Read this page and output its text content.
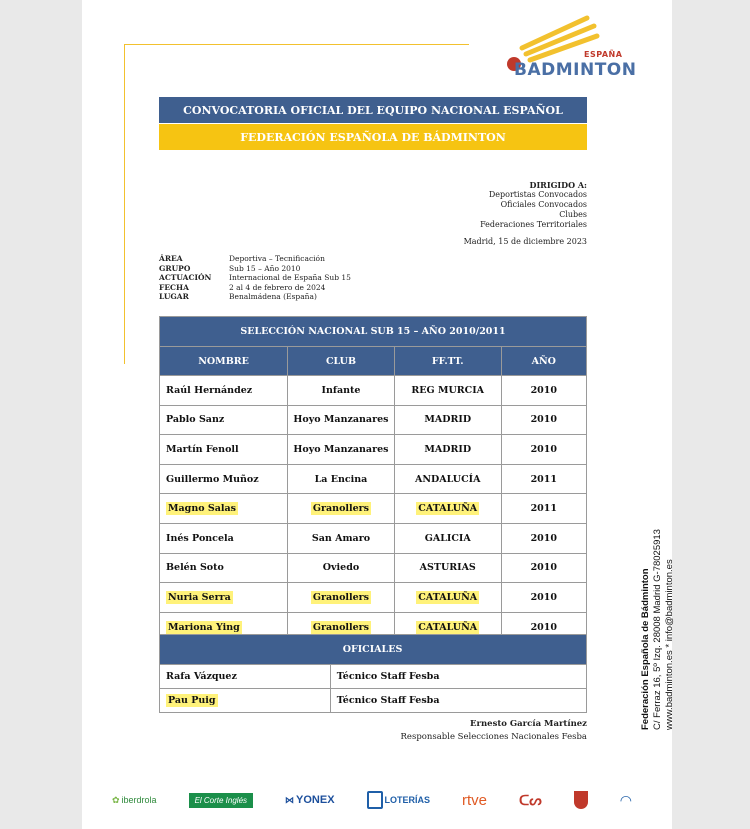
ESPAÑA
BADMINTON
CONVOCATORIA OFICIAL DEL EQUIPO NACIONAL ESPAÑOL
FEDERACIÓN ESPAÑOLA DE BÁDMINTON
DIRIGIDO A:
Deportistas Convocados
Oficiales Convocados
Clubes
Federaciones Territoriales
Madrid, 15 de diciembre 2023
ÁREA	Deportiva – Tecnificación
GRUPO	Sub 15 – Año 2010
ACTUACIÓN	Internacional de España Sub 15
FECHA	2 al 4 de febrero de 2024
LUGAR	Benalmádena (España)
SELECCIÓN NACIONAL SUB 15 – AÑO 2010/2011			
NOMBRE	CLUB	FF.TT.	AÑO
Raúl Hernández	Infante	REG MURCIA	2010
Pablo Sanz	Hoyo Manzanares	MADRID	2010
Martín Fenoll	Hoyo Manzanares	MADRID	2010
Guillermo Muñoz	La Encina	ANDALUCÍA	2011
Magno Salas	Granollers	CATALUÑA	2011
Inés Poncela	San Amaro	GALICIA	2010
Belén Soto	Oviedo	ASTURIAS	2010
Nuria Serra	Granollers	CATALUÑA	2010
Mariona Ying	Granollers	CATALUÑA	2010
OFICIALES	
Rafa Vázquez	Técnico Staff Fesba
Pau Puig	Técnico Staff Fesba
Ernesto García Martínez
Responsable Selecciones Nacionales Fesba
Federación Española de Bádminton C/ Ferraz 16, 5º Izq. 28008 Madrid G-78025913 www.badminton.es * info@badminton.es
✿ iberdrola	El Corte Inglés	⋈ YONEX	LOTERÍAS rtve ᑕᔕ	◠
